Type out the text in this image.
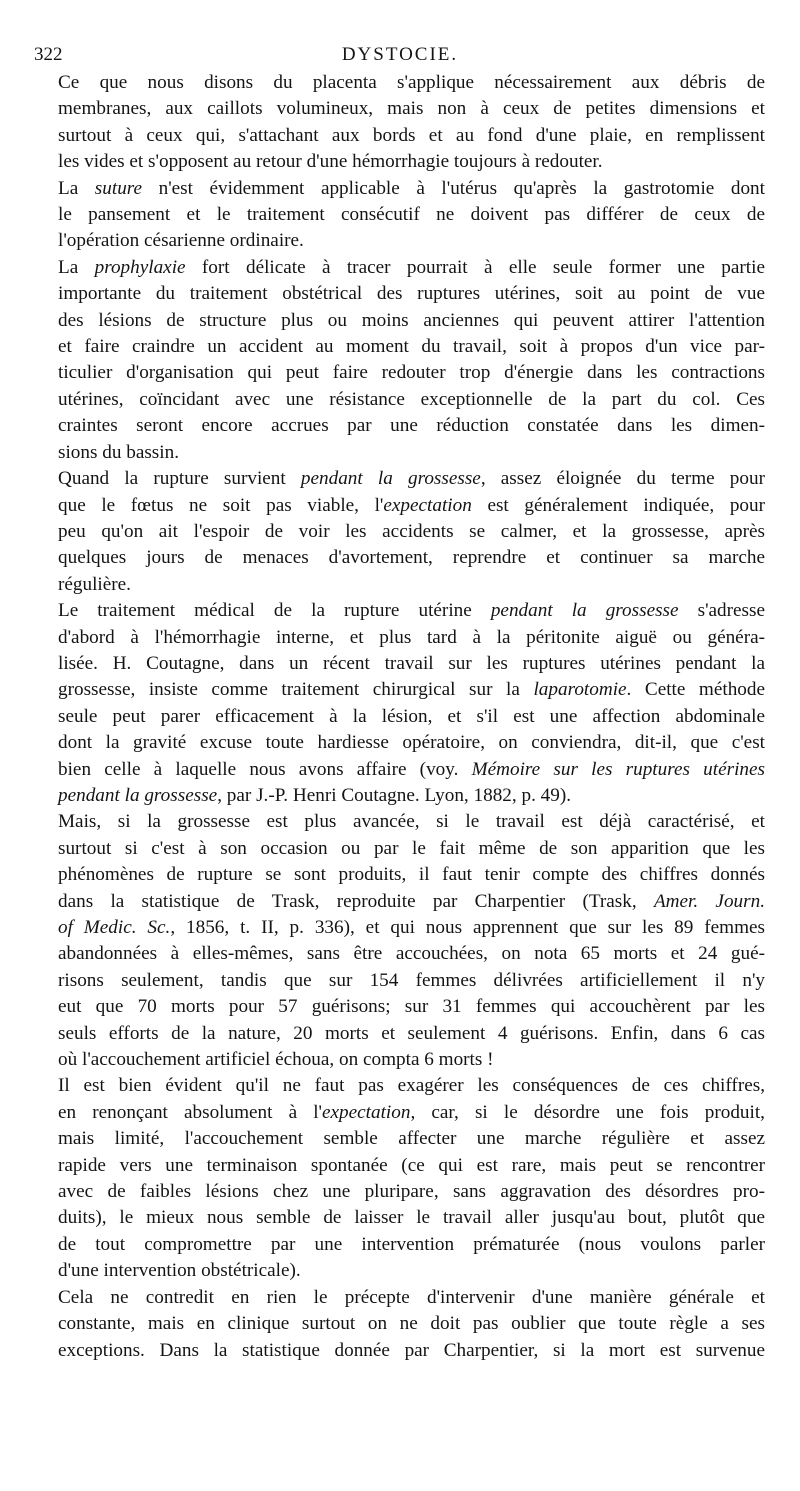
322	DYSTOCIE.

Ce que nous disons du placenta s'applique nécessairement aux débris de
membranes, aux caillots volumineux, mais non à ceux de petites dimensions et
surtout à ceux qui, s'attachant aux bords et au fond d'une plaie, en remplissent
les vides et s'opposent au retour d'une hémorrhagie toujours à redouter.

La suture n'est évidemment applicable à l'utérus qu'après la gastrotomie dont
le pansement et le traitement consécutif ne doivent pas différer de ceux de
l'opération césarienne ordinaire.

La prophylaxie fort délicate à tracer pourrait à elle seule former une partie
importante du traitement obstétrical des ruptures utérines, soit au point de vue
des lésions de structure plus ou moins anciennes qui peuvent attirer l'attention
et faire craindre un accident au moment du travail, soit à propos d'un vice par-
ticulier d'organisation qui peut faire redouter trop d'énergie dans les contractions
utérines, coïncidant avec une résistance exceptionnelle de la part du col. Ces
craintes seront encore accrues par une réduction constatée dans les dimen-
sions du bassin.

Quand la rupture survient pendant la grossesse, assez éloignée du terme pour
que le fœtus ne soit pas viable, l'expectation est généralement indiquée, pour
peu qu'on ait l'espoir de voir les accidents se calmer, et la grossesse, après
quelques jours de menaces d'avortement, reprendre et continuer sa marche
régulière.

Le traitement médical de la rupture utérine pendant la grossesse s'adresse
d'abord à l'hémorrhagie interne, et plus tard à la péritonite aiguë ou généra-
lisée. H. Coutagne, dans un récent travail sur les ruptures utérines pendant la
grossesse, insiste comme traitement chirurgical sur la laparotomie. Cette méthode
seule peut parer efficacement à la lésion, et s'il est une affection abdominale
dont la gravité excuse toute hardiesse opératoire, on conviendra, dit-il, que c'est
bien celle à laquelle nous avons affaire (voy. Mémoire sur les ruptures utérines
pendant la grossesse, par J.-P. Henri Coutagne. Lyon, 1882, p. 49).

Mais, si la grossesse est plus avancée, si le travail est déjà caractérisé, et
surtout si c'est à son occasion ou par le fait même de son apparition que les
phénomènes de rupture se sont produits, il faut tenir compte des chiffres donnés
dans la statistique de Trask, reproduite par Charpentier (Trask, Amer. Journ.
of Medic. Sc., 1856, t. II, p. 336), et qui nous apprennent que sur les 89 femmes
abandonnées à elles-mêmes, sans être accouchées, on nota 65 morts et 24 gué-
risons seulement, tandis que sur 154 femmes délivrées artificiellement il n'y
eut que 70 morts pour 57 guérisons; sur 31 femmes qui accouchèrent par les
seuls efforts de la nature, 20 morts et seulement 4 guérisons. Enfin, dans 6 cas
où l'accouchement artificiel échoua, on compta 6 morts !

Il est bien évident qu'il ne faut pas exagérer les conséquences de ces chiffres,
en renonçant absolument à l'expectation, car, si le désordre une fois produit,
mais limité, l'accouchement semble affecter une marche régulière et assez
rapide vers une terminaison spontanée (ce qui est rare, mais peut se rencontrer
avec de faibles lésions chez une pluripare, sans aggravation des désordres pro-
duits), le mieux nous semble de laisser le travail aller jusqu'au bout, plutôt que
de tout compromettre par une intervention prématurée (nous voulons parler
d'une intervention obstétricale).

Cela ne contredit en rien le précepte d'intervenir d'une manière générale et
constante, mais en clinique surtout on ne doit pas oublier que toute règle a ses
exceptions. Dans la statistique donnée par Charpentier, si la mort est survenue
